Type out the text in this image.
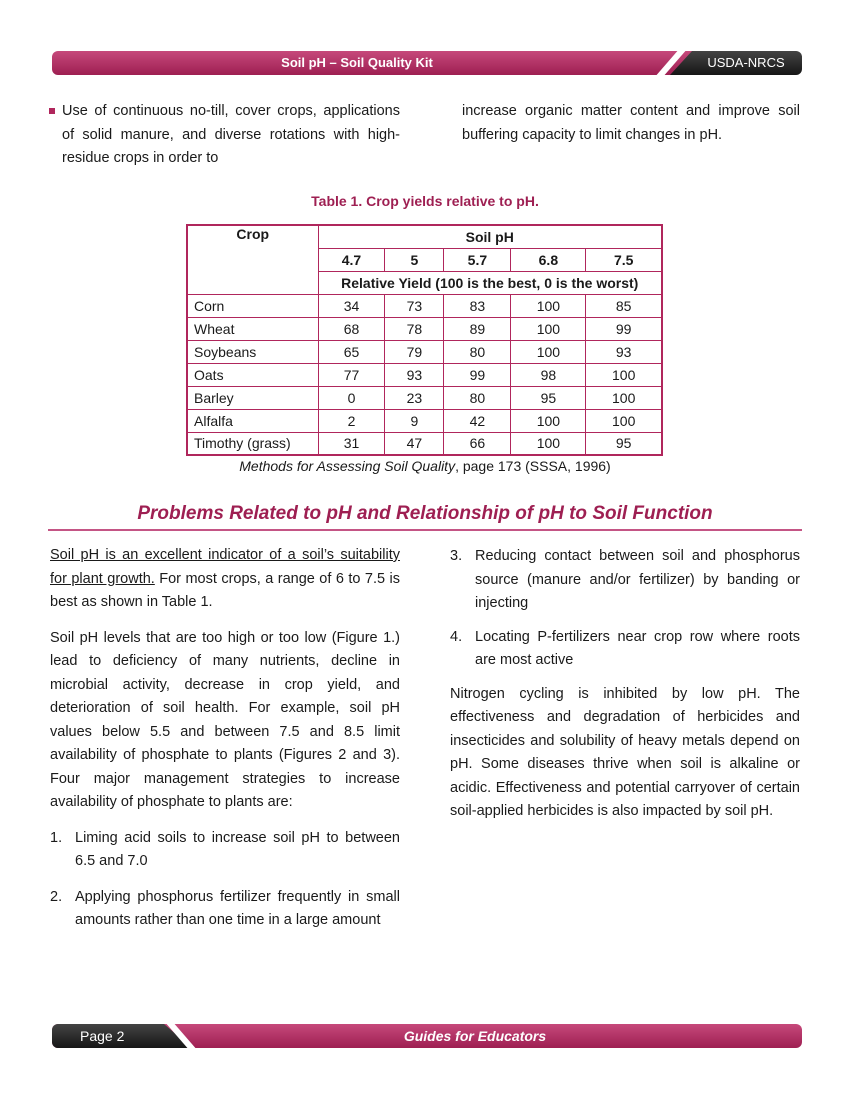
Soil pH – Soil Quality Kit	USDA-NRCS
Use of continuous no-till, cover crops, applications of solid manure, and diverse rotations with high-residue crops in order to
increase organic matter content and improve soil buffering capacity to limit changes in pH.
Table 1. Crop yields relative to pH.
Crop	Soil pH				
	4.7	5	5.7	6.8	7.5
	Relative Yield (100 is the best, 0 is the worst)				
Corn	34	73	83	100	85
Wheat	68	78	89	100	99
Soybeans	65	79	80	100	93
Oats	77	93	99	98	100
Barley	0	23	80	95	100
Alfalfa	2	9	42	100	100
Timothy (grass)	31	47	66	100	95
Methods for Assessing Soil Quality, page 173 (SSSA, 1996)
Problems Related to pH and Relationship of pH to Soil Function
Soil pH is an excellent indicator of a soil’s suitability for plant growth. For most crops, a range of 6 to 7.5 is best as shown in Table 1.
Soil pH levels that are too high or too low (Figure 1.) lead to deficiency of many nutrients, decline in microbial activity, decrease in crop yield, and deterioration of soil health. For example, soil pH values below 5.5 and between 7.5 and 8.5 limit availability of phosphate to plants (Figures 2 and 3). Four major management strategies to increase availability of phosphate to plants are:
1. Liming acid soils to increase soil pH to between 6.5 and 7.0
2. Applying phosphorus fertilizer frequently in small amounts rather than one time in a large amount
3. Reducing contact between soil and phosphorus source (manure and/or fertilizer) by banding or injecting
4. Locating P-fertilizers near crop row where roots are most active
Nitrogen cycling is inhibited by low pH. The effectiveness and degradation of herbicides and insecticides and solubility of heavy metals depend on pH. Some diseases thrive when soil is alkaline or acidic. Effectiveness and potential carryover of certain soil-applied herbicides is also impacted by soil pH.
Page 2	Guides for Educators
